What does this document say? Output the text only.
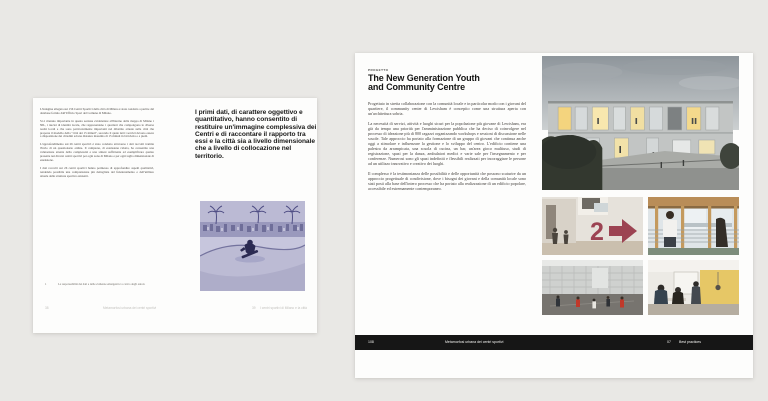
L'indagine allegata sui 156 Centri Sportivi della città di Milano è stata condotta a partire dal database fornito dall'Ufficio Sport del Comune di Milano.

Si è ritenuto importante in questa sezione evidenziare all'interno della mappa di Milano i NIL, i nuclei di identità locale, che rappresentano i quartieri che compongono le diverse realtà locali e che sono particolarmente importanti nel dibattito attuale sulla città che propone il modello della "città dei 15 minuti", secondo il quale tutti i servizi devono essere a disposizione dei cittadini ad una distanza massima di 15 minuti in bicicletta o a piedi.

L'approfondimento sui 26 centri sportivi è stato condotto attraverso i dati raccolti tramite l'invio di un questionario online. Il campione, di estensione ridotta, ha consentito una valutazione attenta della complessità e una sintesi sufficiente ad esemplificare quanto presente nei diversi centri sportivi per ogni zona di Milano e per ogni taglia dimensionale di estensione.

I dati raccolti sui 26 centri sportivi hanno permesso di approfondire aspetti qualitativi, rendendo possibile una comprensione più dettagliata del funzionamento e dell'utilizzo attuale delle strutture sportive esistenti.

1	La responsabilità dei dati e delle evidenze emergenti è a carico degli autori.
38	Metamorfosi urbana dei centri sportivi	39 I centri sportivi di Milano e la città
I primi dati, di carattere oggettivo e quantitativo, hanno consentito di restituire un'immagine complessiva dei Centri e di raccontare il rapporto tra essi e la città sia a livello dimensionale che a livello di collocazione nel territorio.
PROGETTO
The New Generation Youth
and Community Centre

Progettato in stretta collaborazione con la comunità locale e in particolar modo con i giovani del quartiere, il community center di Lewisham è concepito come una struttura aperta con un'architettura sobria.

La necessità di servizi, attività e luoghi sicuri per la popolazione più giovane di Lewisham, era già da tempo una priorità per l'amministrazione pubblica che ha deciso di coinvolgere nel processo di ideazione più di 800 ragazzi organizzando workshops e sessioni di discussione nelle scuole. Tale approccio ha portato alla formazione di un gruppo di giovani che continua anche oggi a stimolare e influenzare la gestione e lo sviluppo del centro. L'edificio contiene una palestra da arrampicata, una scuola di cucina, un bar, un'area gioco multiuso, studi di registrazione, spazi per la danza, ambulatori medici e varie sale per l'insegnamento e per conferenze. Numerosi sono gli spazi indefiniti e flessibili realizzati per incoraggiare le persone ad un utilizzo innovativo e creativo dei luoghi.

Il complesso è la testimonianza delle possibilità e delle opportunità che possono scaturire da un approccio progettuale di condivisione, dove i bisogni dei giovani e della comunità locale sono stati posti alla base dell'intero processo che ha portato alla realizzazione di un edificio popolare, accessibile ed estremamente contemporaneo.

2
108	Metamorfosi urbana dei centri sportivi	07 Best practices
